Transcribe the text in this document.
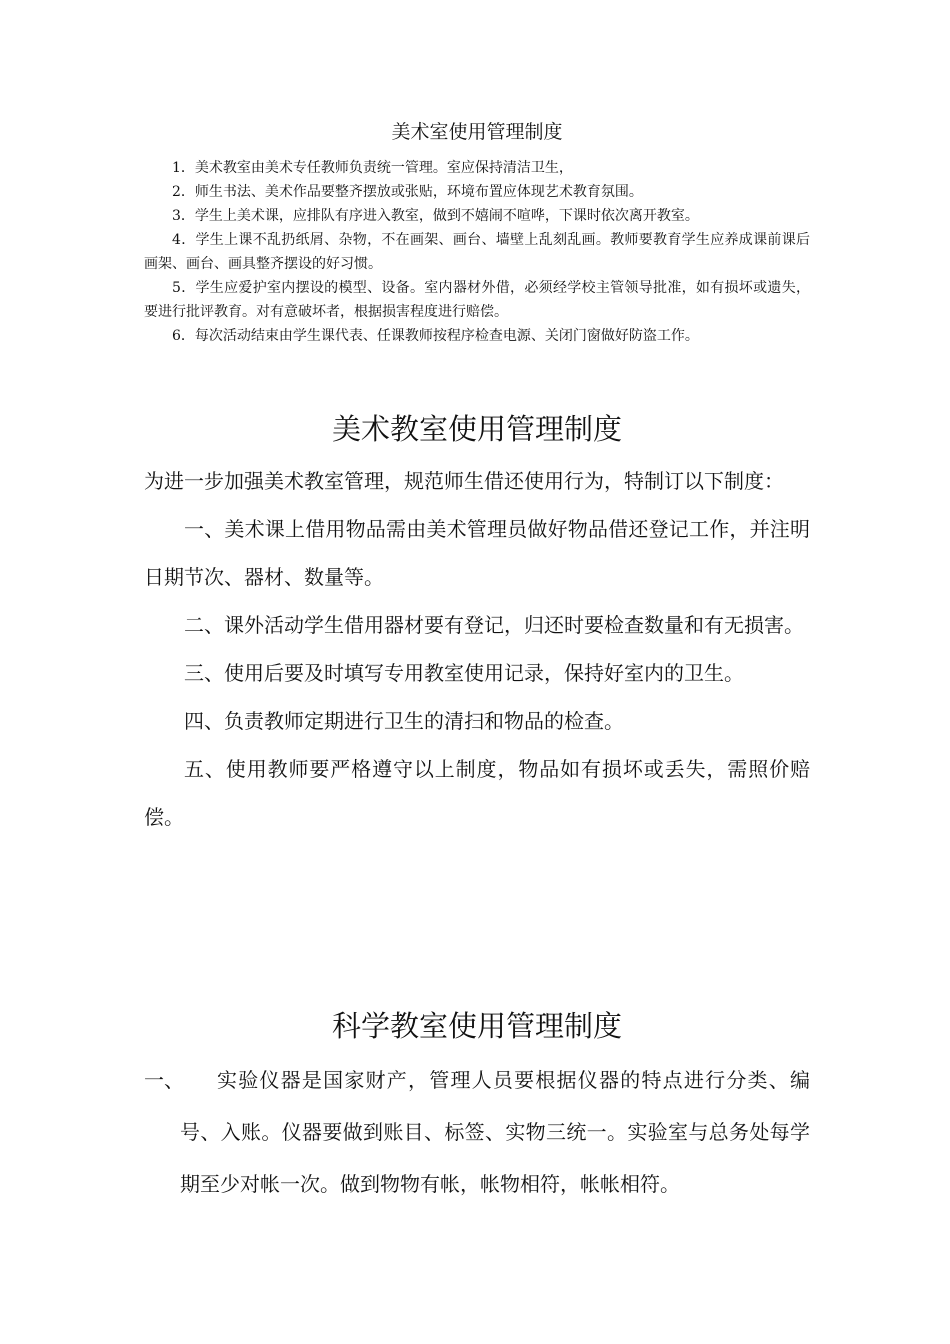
美术室使用管理制度

1．美术教室由美术专任教师负责统一管理。室应保持清洁卫生，

2．师生书法、美术作品要整齐摆放或张贴，环境布置应体现艺术教育氛围。

3．学生上美术课，应排队有序进入教室，做到不嬉闹不喧哗，下课时依次离开教室。

4．学生上课不乱扔纸屑、杂物，不在画架、画台、墙壁上乱刻乱画。教师要教育学生应养成课前课后画架、画台、画具整齐摆设的好习惯。

5．学生应爱护室内摆设的模型、设备。室内器材外借，必须经学校主管领导批准，如有损坏或遗失，要进行批评教育。对有意破坏者，根据损害程度进行赔偿。

6．每次活动结束由学生课代表、任课教师按程序检查电源、关闭门窗做好防盗工作。

美术教室使用管理制度

为进一步加强美术教室管理，规范师生借还使用行为，特制订以下制度：

一、美术课上借用物品需由美术管理员做好物品借还登记工作，并注明日期节次、器材、数量等。

二、课外活动学生借用器材要有登记，归还时要检查数量和有无损害。

三、使用后要及时填写专用教室使用记录，保持好室内的卫生。

四、负责教师定期进行卫生的清扫和物品的检查。

五、使用教师要严格遵守以上制度，物品如有损坏或丢失，需照价赔偿。

科学教室使用管理制度
一、	实验仪器是国家财产，管理人员要根据仪器的特点进行分类、编号、入账。仪器要做到账目、标签、实物三统一。实验室与总务处每学期至少对帐一次。做到物物有帐，帐物相符，帐帐相符。
